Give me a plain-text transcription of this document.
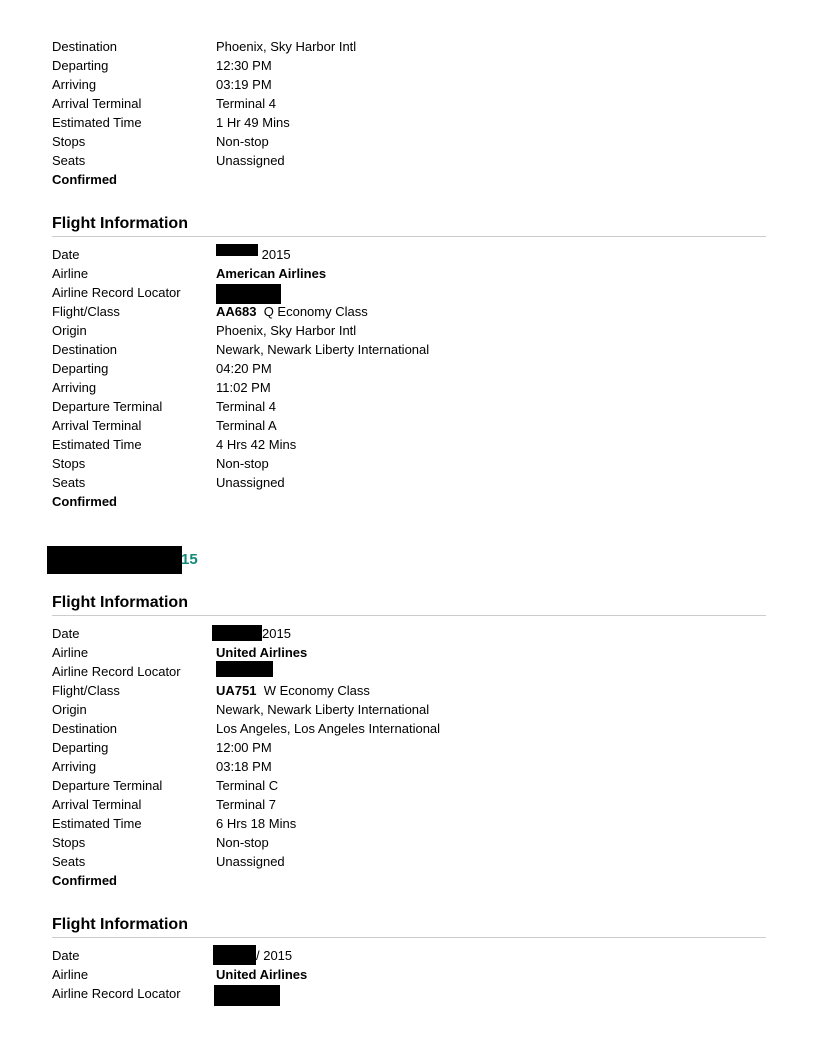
Destination	Phoenix, Sky Harbor Intl
Departing	12:30 PM
Arriving	03:19 PM
Arrival Terminal	Terminal 4
Estimated Time	1 Hr 49 Mins
Stops	Non-stop
Seats	Unassigned
Confirmed
Flight Information
Date	2015
Airline	American Airlines
Airline Record Locator
Flight/Class	AA683 Q Economy Class
Origin	Phoenix, Sky Harbor Intl
Destination	Newark, Newark Liberty International
Departing	04:20 PM
Arriving	11:02 PM
Departure Terminal	Terminal 4
Arrival Terminal	Terminal A
Estimated Time	4 Hrs 42 Mins
Stops	Non-stop
Seats	Unassigned
Confirmed
15
Flight Information
Date	2015
Airline	United Airlines
Airline Record Locator
Flight/Class	UA751 W Economy Class
Origin	Newark, Newark Liberty International
Destination	Los Angeles, Los Angeles International
Departing	12:00 PM
Arriving	03:18 PM
Departure Terminal	Terminal C
Arrival Terminal	Terminal 7
Estimated Time	6 Hrs 18 Mins
Stops	Non-stop
Seats	Unassigned
Confirmed
Flight Information
Date	/ 2015
Airline	United Airlines
Airline Record Locator
